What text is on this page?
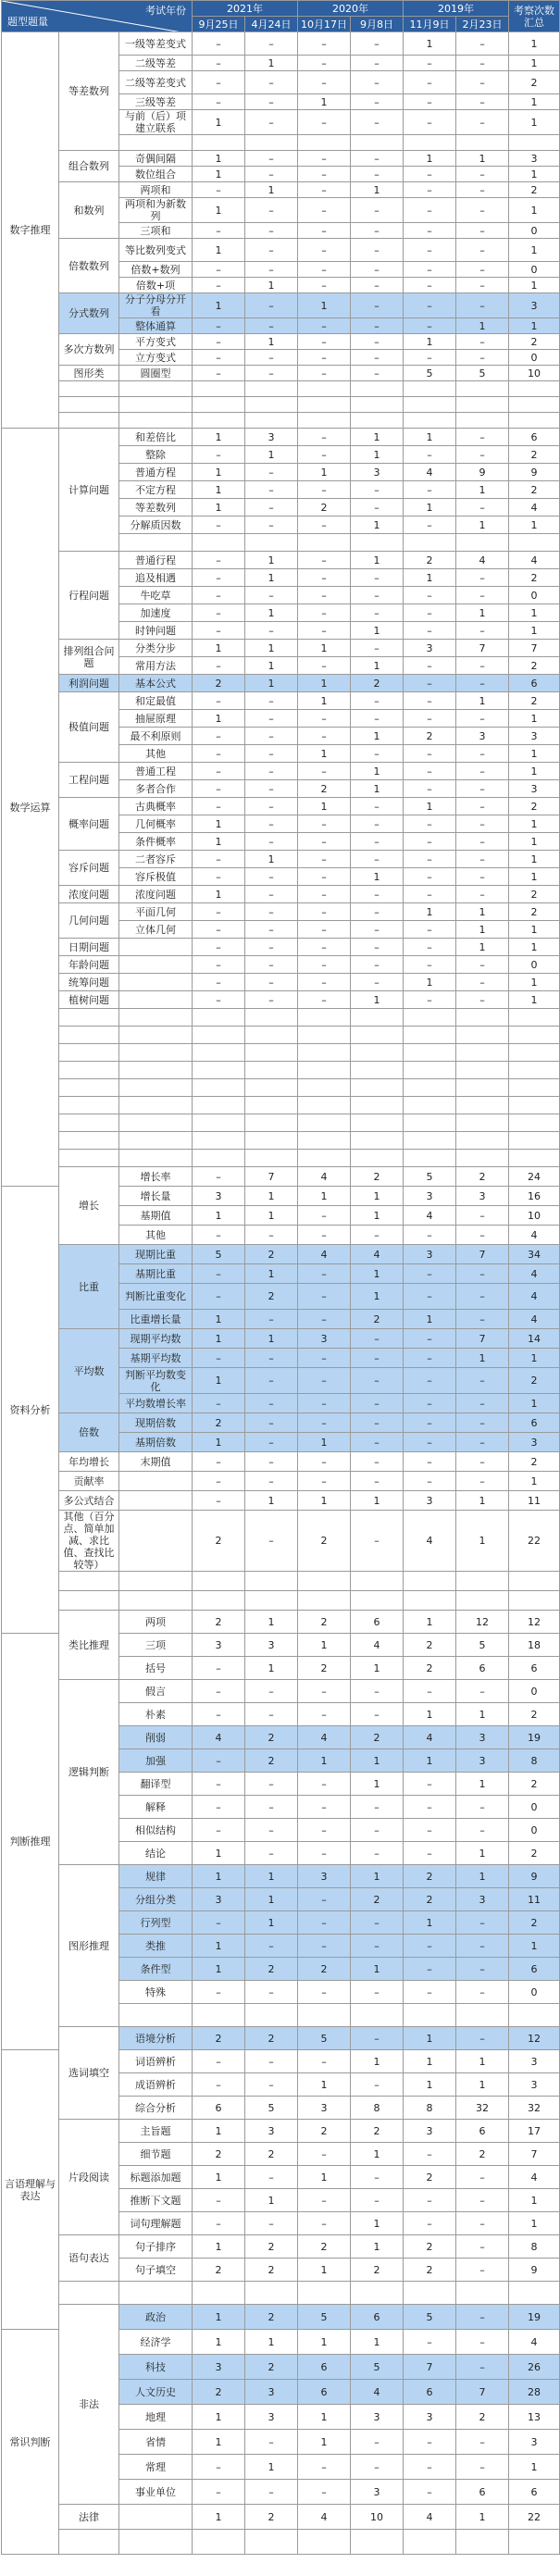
考试年份
题型题量			2021年		2020年		2019年		考察次数汇总
			9月25日	4月24日	10月17日	9月8日	11月9日	2月23日	
数字推理	等差数列	一级等差变式	–	–	–	–	1	–	1
		二级等差	–	1	–	–	–	–	1
		二级等差变式	–	–	–	–	–	–	2
		三级等差	–	–	1	–	–	–	1
		与前（后）项建立联系	1	–	–	–	–	–	1

	组合数列	奇偶间隔	1	–	–	–	1	1	3
		数位组合	1	–	–	–	–	–	1
	和数列	两项和	–	1	–	1	–	–	2
		两项和为新数列	1	–	–	–	–	–	1
		三项和	–	–	–	–	–	–	0
	倍数数列	等比数列变式	1	–	–	–	–	–	1
		倍数+数列	–	–	–	–	–	–	0
		倍数+项	–	1	–	–	–	–	1
	分式数列	分子分母分开看	1	–	1	–	–	–	3
		整体通算	–	–	–	–	–	1	1
	多次方数列	平方变式	–	1	–	–	1	–	2
		立方变式	–	–	–	–	–	–	0
	图形类	圆圈型	–	–	–	–	5	5	10

数学运算	计算问题	和差倍比	1	3	–	1	1	–	6
		整除	–	1	–	1	–	–	2
		普通方程	1	–	1	3	4	9	9
		不定方程	1	–	–	–	–	1	2
		等差数列	1	–	2	–	1	–	4
		分解质因数	–	–	–	1	–	1	1

	行程问题	普通行程	–	1	–	1	2	4	4
		追及相遇	–	1	–	–	1	–	2
		牛吃草	–	–	–	–	–	–	0
		加速度	–	1	–	–	–	1	1
		时钟问题	–	–	–	1	–	–	1
	排列组合问题	分类分步	1	1	1	–	3	7	7
		常用方法	–	1	–	1	–	–	2
	利润问题	基本公式	2	1	1	2	–	–	6
	极值问题	和定最值	–	–	1	–	–	1	2
		抽屉原理	1	–	–	–	–	–	1
		最不利原则	–	–	–	1	2	3	3
		其他	–	–	1	–	–	–	1
	工程问题	普通工程	–	–	–	1	–	–	1
		多者合作	–	–	2	1	–	–	3
	概率问题	古典概率	–	–	1	–	1	–	2
		几何概率	1	–	–	–	–	–	1
		条件概率	1	–	–	–	–	–	1
	容斥问题	二者容斥	–	1	–	–	–	–	1
		容斥极值	–	–	–	1	–	–	1
	浓度问题	浓度问题	1	–	–	–	–	–	2
	几何问题	平面几何	–	–	–	–	1	1	2
		立体几何	–	–	–	–	–	1	1
	日期问题		–	–	–	–	–	1	1
	年龄问题		–	–	–	–	–	–	0
	统筹问题		–	–	–	–	1	–	1
	植树问题		–	–	–	1	–	–	1

	增长	增长率	–	7	4	2	5	2	24
资料分析		增长量	3	1	1	1	3	3	16
		基期值	1	1	–	1	4	–	10
		其他	–	–	–	–	–	–	4
	比重	现期比重	5	2	4	4	3	7	34
		基期比重	–	1	–	1	–	–	4
		判断比重变化	–	2	–	1	–	–	4
		比重增长量	1	–	–	2	1	–	4
	平均数	现期平均数	1	1	3	–	–	7	14
		基期平均数	–	–	–	–	–	1	1
		判断平均数变化	1	–	–	–	–	–	2
		平均数增长率	–	–	–	–	–	–	1
	倍数	现期倍数	2	–	–	–	–	–	6
		基期倍数	1	–	1	–	–	–	3
	年均增长	末期值	–	–	–	–	–	–	2
	贡献率		–	–	–	–	–	–	1
	多公式结合		–	1	1	1	3	1	11
	其他（百分点、简单加减、求比值、查找比较等）		2	–	2	–	4	1	22

	类比推理	两项	2	1	2	6	1	12	12
判断推理		三项	3	3	1	4	2	5	18
		括号	–	1	2	1	2	6	6
	逻辑判断	假言	–	–	–	–	–	–	0
		朴素	–	–	–	–	1	1	2
		削弱	4	2	4	2	4	3	19
		加强	–	2	1	1	1	3	8
		翻译型	–	–	–	1	–	1	2
		解释	–	–	–	–	–	–	0
		相似结构	–	–	–	–	–	–	0
		结论	1	–	–	–	–	1	2
	图形推理	规律	1	1	3	1	2	1	9
		分组分类	3	1	–	2	2	3	11
		行列型	–	1	–	–	1	–	2
		类推	1	–	–	–	–	–	1
		条件型	1	2	2	1	–	–	6
		特殊	–	–	–	–	–	–	0

	选词填空	语境分析	2	2	5	–	1	–	12
言语理解与表达		词语辨析	–	–	–	1	1	1	3
		成语辨析	–	–	1	–	1	1	3
		综合分析	6	5	3	8	8	32	32
	片段阅读	主旨题	1	3	2	2	3	6	17
		细节题	2	2	–	1	–	2	7
		标题添加题	1	–	1	–	2	–	4
		推断下文题	–	1	–	–	–	–	1
		词句理解题	–	–	–	1	–	–	1
	语句表达	句子排序	1	2	2	1	2	–	8
		句子填空	2	2	1	2	2	–	9

	非法	政治	1	2	5	6	5	–	19
常识判断		经济学	1	1	1	1	–	–	4
		科技	3	2	6	5	7	–	26
		人文历史	2	3	6	4	6	7	28
		地理	1	3	1	3	3	2	13
		省情	1	–	1	–	–	–	3
		常理	–	1	–	–	–	–	1
		事业单位	–	–	–	3	–	6	6
	法律		1	2	4	10	4	1	22
